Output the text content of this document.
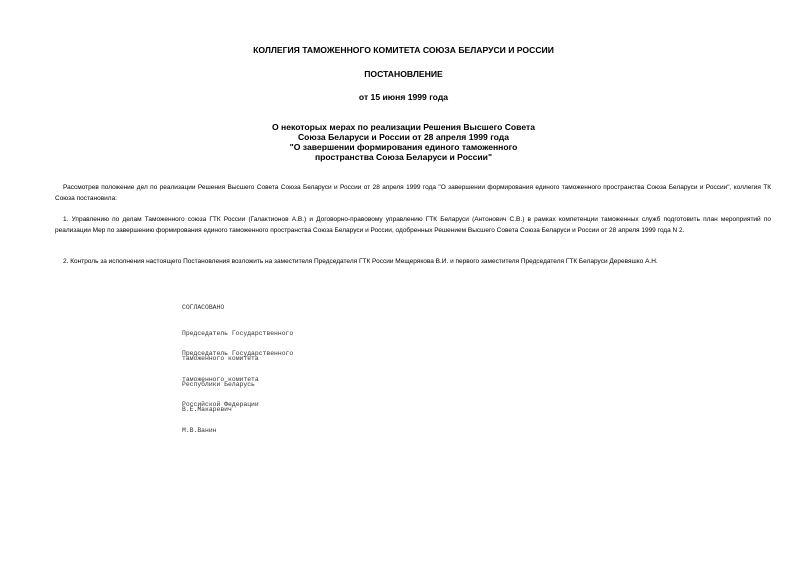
КОЛЛЕГИЯ ТАМОЖЕННОГО КОМИТЕТА СОЮЗА БЕЛАРУСИ И РОССИИ
ПОСТАНОВЛЕНИЕ
от 15 июня 1999 года
О некоторых мерах по реализации Решения Высшего Совета
Союза Беларуси и России от 28 апреля 1999 года
"О завершении формирования единого таможенного
пространства Союза Беларуси и России"
Рассмотрев положение дел по реализации Решения Высшего Совета Союза Беларуси и России от 28 апреля 1999 года "О завершении формирования единого таможенного пространства Союза Беларуси и России", коллегия ТК Союза постановила:
1. Управлению по делам Таможенного союза ГТК России (Галактионов А.В.) и Договорно-правовому управлению ГТК Беларуси (Антонович С.В.) в рамках компетенции таможенных служб подготовить план мероприятий по реализации Мер по завершению формирования единого таможенного пространства Союза Беларуси и России, одобренных Решением Высшего Совета Союза Беларуси и России от 28 апреля 1999 года N 2.
2. Контроль за исполнения настоящего Постановления возложить на заместителя Председателя ГТК России Мещерякова В.И. и первого заместителя Председателя ГТК Беларуси Деревяшко А.Н.

СОГЛАСОВАНО

Председатель Государственного

таможенного комитета

Республики Беларусь

В.Е.Макаревич

Председатель Государственного

таможенного комитета

Российской Федерации

М.В.Ванин
